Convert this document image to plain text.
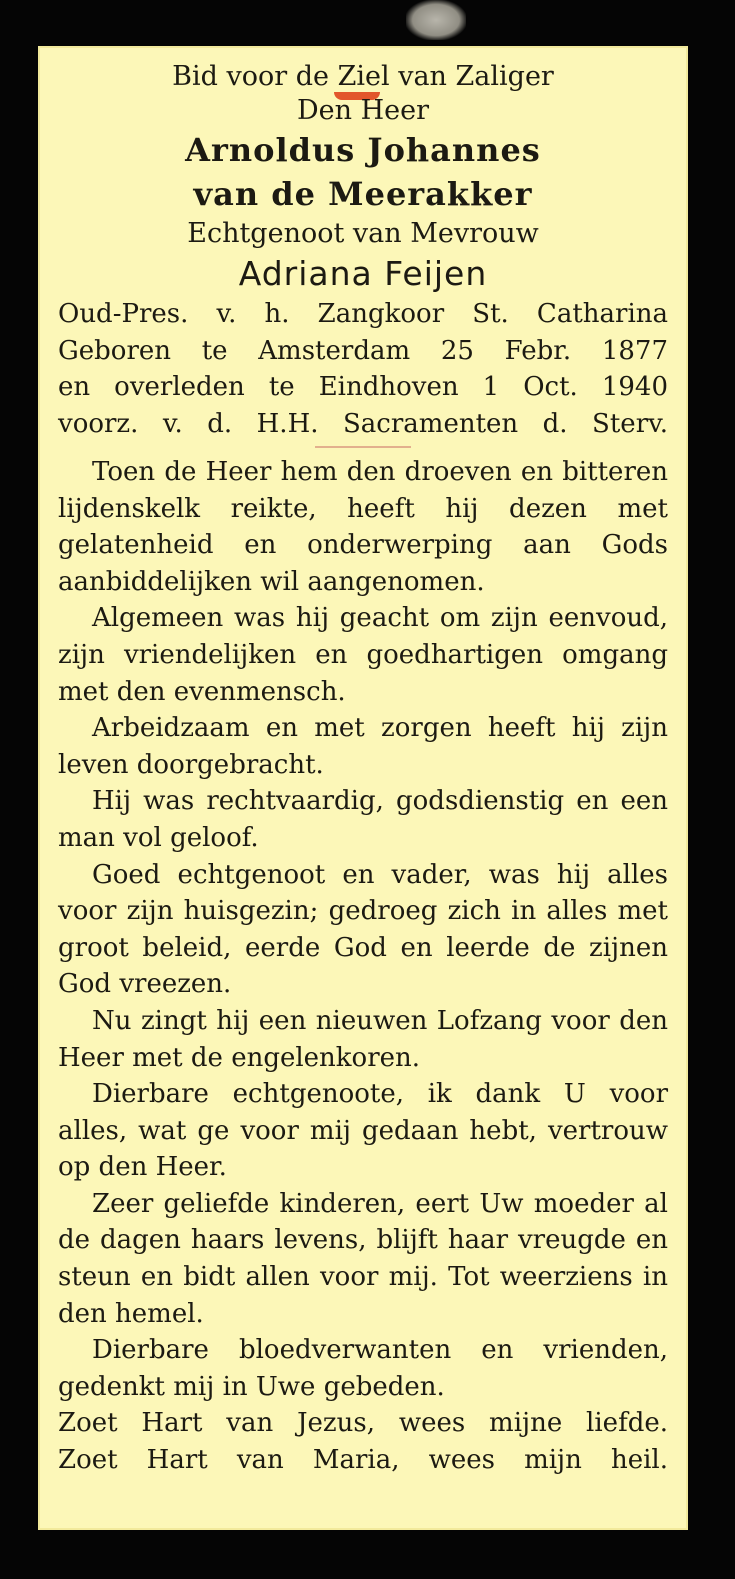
Bid voor de Ziel van Zaliger

Den Heer

Arnoldus Johannes

van de Meerakker

Echtgenoot van Mevrouw

Adriana Feijen

Oud-Pres. v. h. Zangkoor St. Catharina

Geboren te Amsterdam 25 Febr. 1877

en overleden te Eindhoven 1 Oct. 1940

voorz. v. d. H.H. Sacramenten d. Sterv.

Toen de Heer hem den droeven en bitteren lijdenskelk reikte, heeft hij dezen met gelatenheid en onderwerping aan Gods aanbiddelijken wil aangenomen.

Algemeen was hij geacht om zijn eenvoud, zijn vriendelijken en goedhartigen omgang met den evenmensch.

Arbeidzaam en met zorgen heeft hij zijn leven doorgebracht.

Hij was rechtvaardig, godsdienstig en een man vol geloof.

Goed echtgenoot en vader, was hij alles voor zijn huisgezin; gedroeg zich in alles met groot beleid, eerde God en leerde de zijnen God vreezen.

Nu zingt hij een nieuwen Lofzang voor den Heer met de engelenkoren.

Dierbare echtgenoote, ik dank U voor alles, wat ge voor mij gedaan hebt, vertrouw op den Heer.

Zeer geliefde kinderen, eert Uw moeder al de dagen haars levens, blijft haar vreugde en steun en bidt allen voor mij. Tot weerziens in den hemel.

Dierbare bloedverwanten en vrienden, gedenkt mij in Uwe gebeden.

Zoet Hart van Jezus, wees mijne liefde.

Zoet Hart van Maria, wees mijn heil.
